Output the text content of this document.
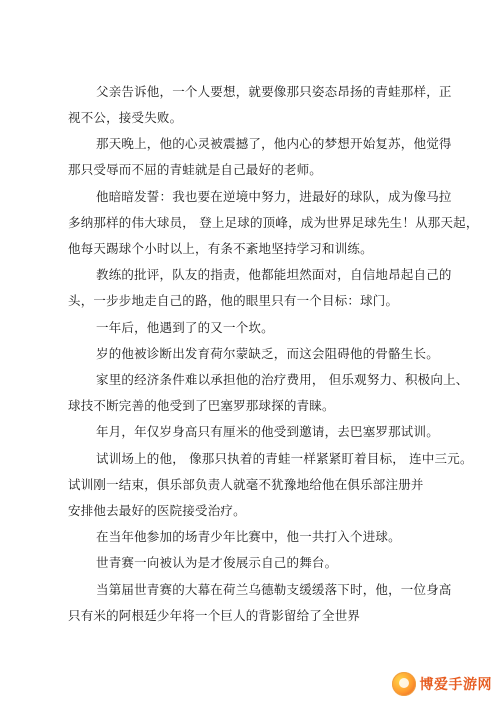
父亲告诉他，一个人要想，就要像那只姿态昂扬的青蛙那样，正
视不公，接受失败。
那天晚上，他的心灵被震撼了，他内心的梦想开始复苏，他觉得
那只受辱而不屈的青蛙就是自己最好的老师。
他暗暗发誓：我也要在逆境中努力，进最好的球队，成为像马拉
多纳那样的伟大球员， 登上足球的顶峰，成为世界足球先生！从那天起，
他每天踢球个小时以上，有条不紊地坚持学习和训练。
教练的批评，队友的指责，他都能坦然面对，自信地昂起自己的
头，一步步地走自己的路，他的眼里只有一个目标：球门。
一年后，他遇到了的又一个坎。
岁的他被诊断出发育荷尔蒙缺乏，而这会阻碍他的骨骼生长。
家里的经济条件难以承担他的治疗费用， 但乐观努力、积极向上、
球技不断完善的他受到了巴塞罗那球探的青睐。
年月，年仅岁身高只有厘米的他受到邀请，去巴塞罗那试训。
试训场上的他， 像那只执着的青蛙一样紧紧盯着目标， 连中三元。
试训刚一结束，俱乐部负责人就毫不犹豫地给他在俱乐部注册并
安排他去最好的医院接受治疗。
在当年他参加的场青少年比赛中，他一共打入个进球。
世青赛一向被认为是才俊展示自己的舞台。
当第届世青赛的大幕在荷兰乌德勒支缓缓落下时，他，一位身高
只有米的阿根廷少年将一个巨人的背影留给了全世界
博爱手游网
